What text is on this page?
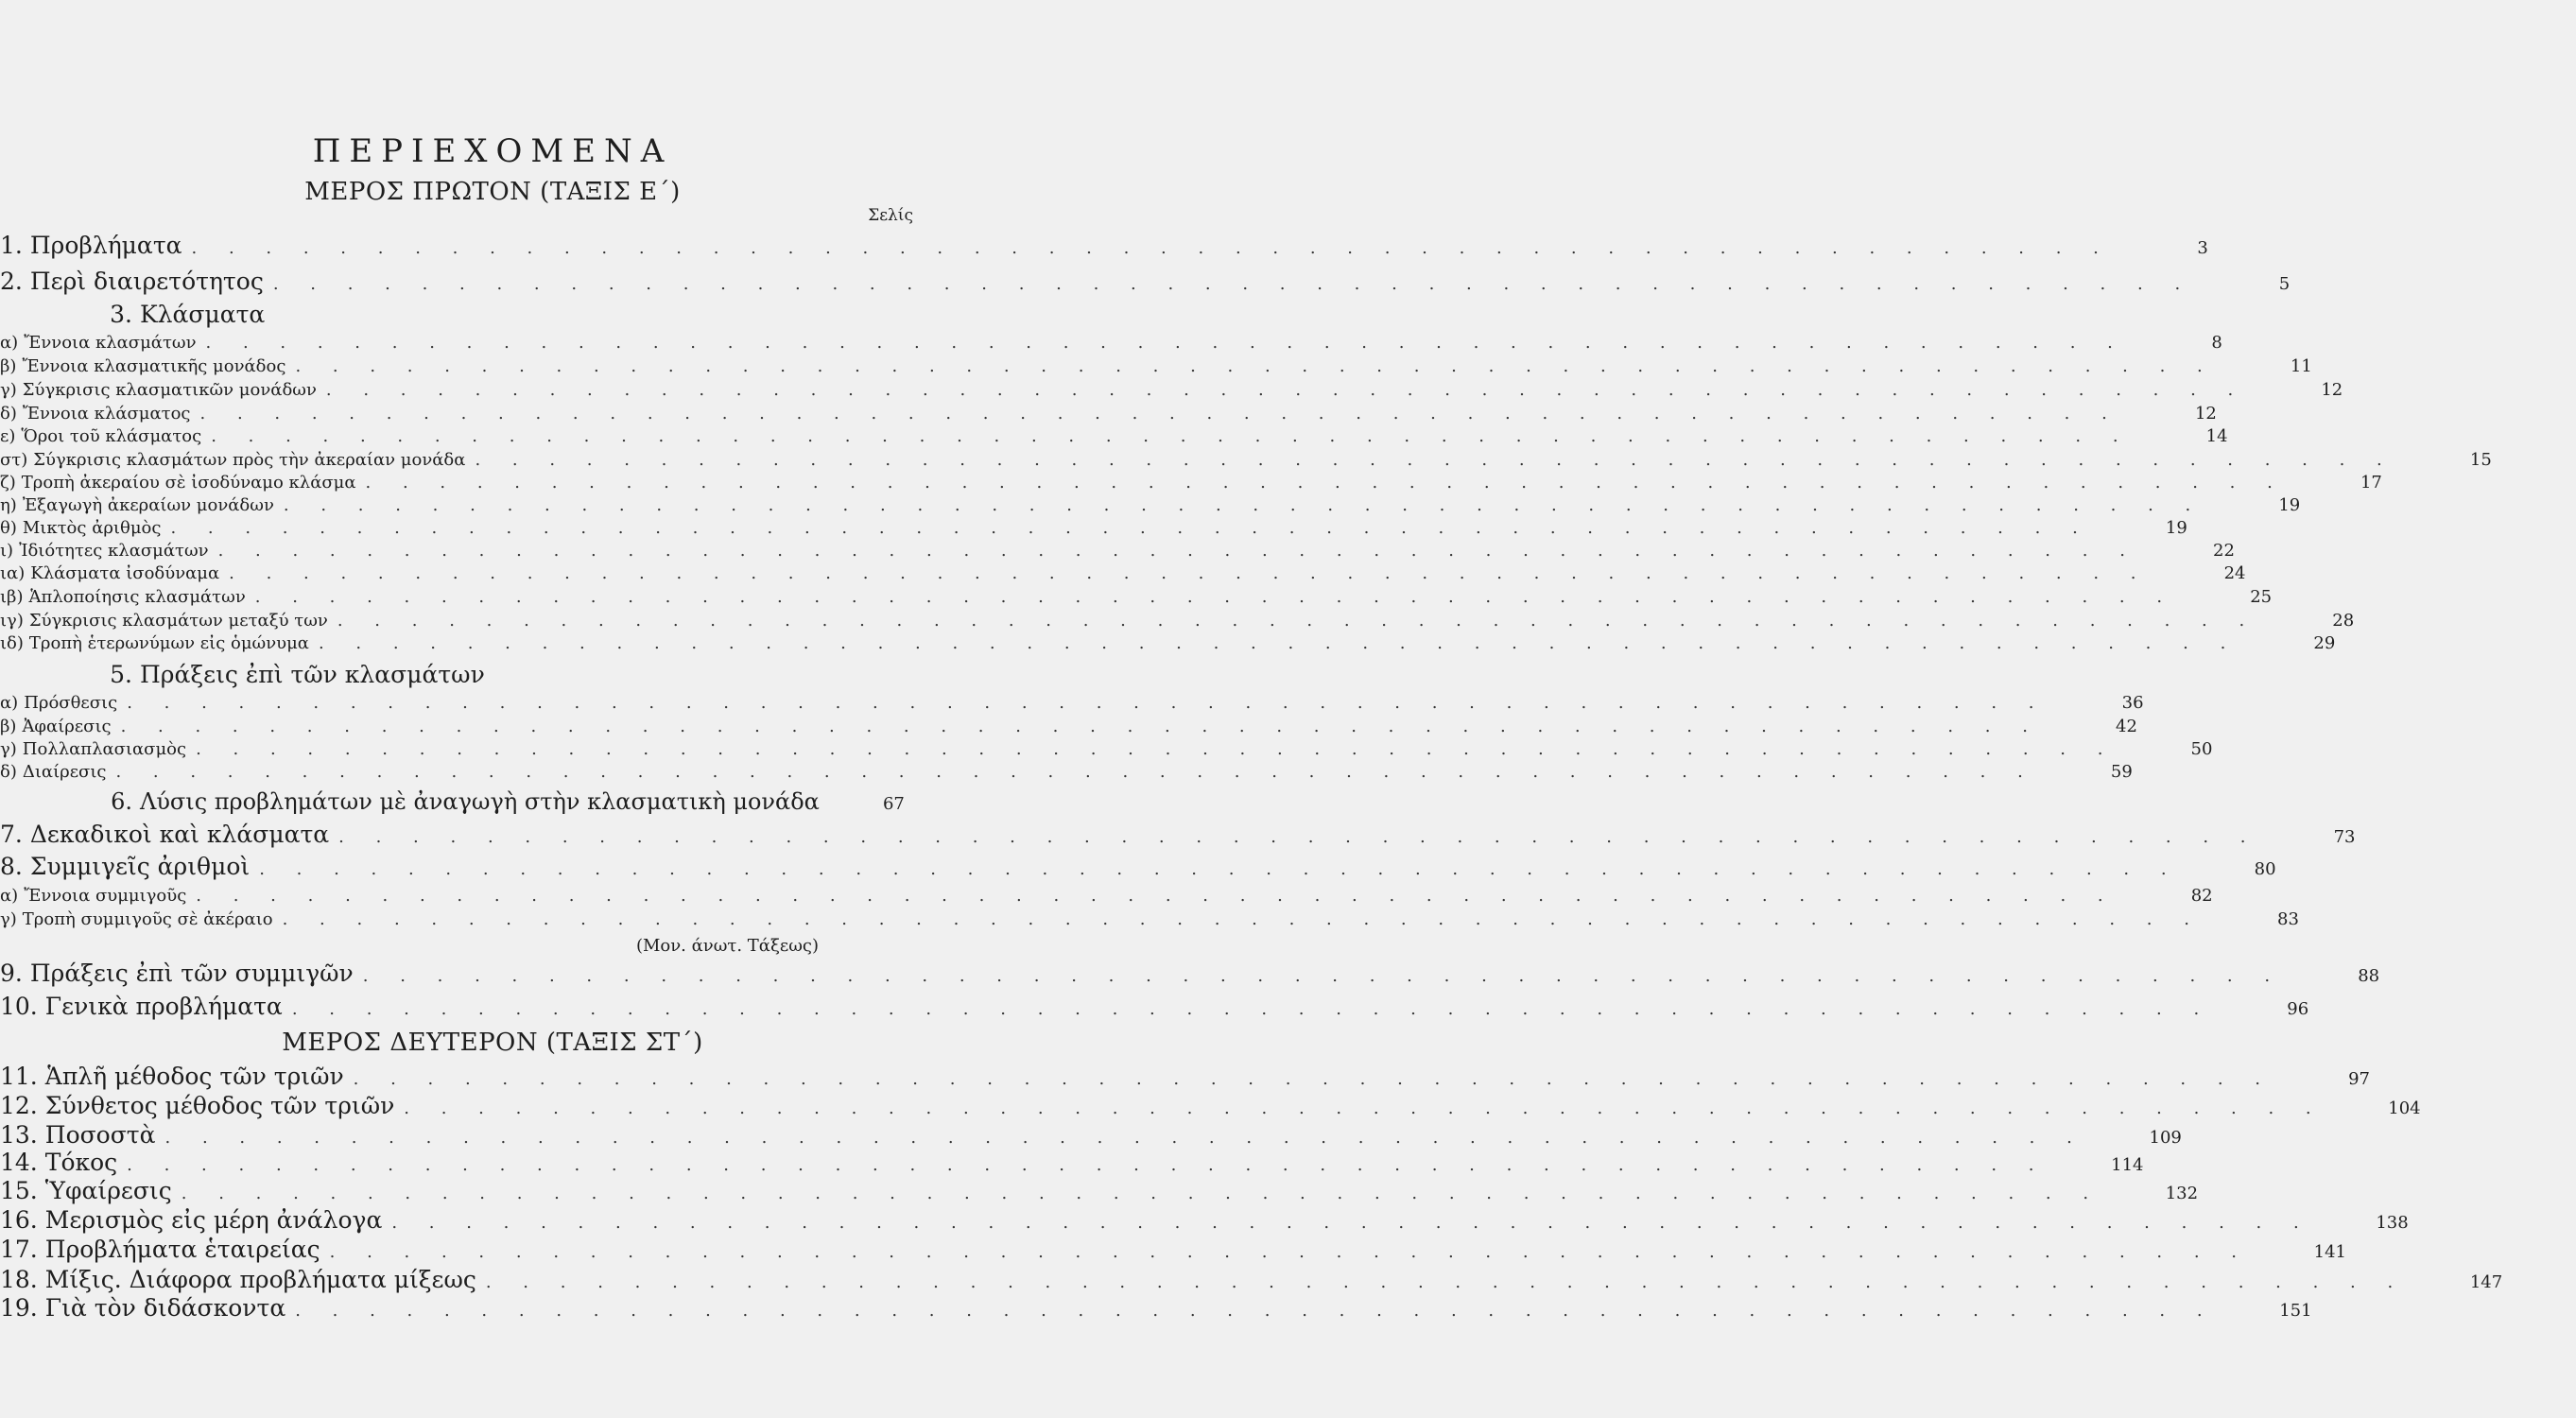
ΠΕΡΙΕΧΟΜΕΝΑ
ΜΕΡΟΣ ΠΡΩΤΟΝ (ΤΑΞΙΣ Ε΄)
Σελίς
1. Προβλήματα . . . . . . . . . . . . . . . . . . . . . . . . . . . . . . . . . . . . . . . . . . . . . . . . . . . .	3
2. Περὶ διαιρετότητος . . . . . . . . . . . . . . . . . . . . . . . . . . . . . . . . . . . . . . . . . . . . . . . . . . . .	5
3. Κλάσματα
α) Ἔννοια κλασμάτων . . . . . . . . . . . . . . . . . . . . . . . . . . . . . . . . . . . . . . . . . . . . . . . . . . . .	8
β) Ἔννοια κλασματικῆς μονάδος . . . . . . . . . . . . . . . . . . . . . . . . . . . . . . . . . . . . . . . . . . . . . . . . . . . .	11
γ) Σύγκρισις κλασματικῶν μονάδων . . . . . . . . . . . . . . . . . . . . . . . . . . . . . . . . . . . . . . . . . . . . . . . . . . . .	12
δ) Ἔννοια κλάσματος . . . . . . . . . . . . . . . . . . . . . . . . . . . . . . . . . . . . . . . . . . . . . . . . . . . .	12
ε) Ὅροι τοῦ κλάσματος . . . . . . . . . . . . . . . . . . . . . . . . . . . . . . . . . . . . . . . . . . . . . . . . . . . .	14
στ) Σύγκρισις κλασμάτων πρὸς τὴν ἀκεραίαν μονάδα . . . . . . . . . . . . . . . . . . . . . . . . . . . . . . . . . . . . . . . . . . . . . . . . . . . .	15
ζ) Τροπὴ ἀκεραίου σὲ ἰσοδύναμο κλάσμα . . . . . . . . . . . . . . . . . . . . . . . . . . . . . . . . . . . . . . . . . . . . . . . . . . . .	17
η) Ἐξαγωγὴ ἀκεραίων μονάδων . . . . . . . . . . . . . . . . . . . . . . . . . . . . . . . . . . . . . . . . . . . . . . . . . . . .	19
θ) Μικτὸς ἀριθμὸς . . . . . . . . . . . . . . . . . . . . . . . . . . . . . . . . . . . . . . . . . . . . . . . . . . . .	19
ι) Ἰδιότητες κλασμάτων . . . . . . . . . . . . . . . . . . . . . . . . . . . . . . . . . . . . . . . . . . . . . . . . . . . .	22
ια) Κλάσματα ἰσοδύναμα . . . . . . . . . . . . . . . . . . . . . . . . . . . . . . . . . . . . . . . . . . . . . . . . . . . .	24
ιβ) Ἁπλοποίησις κλασμάτων . . . . . . . . . . . . . . . . . . . . . . . . . . . . . . . . . . . . . . . . . . . . . . . . . . . .	25
ιγ) Σύγκρισις κλασμάτων μεταξύ των . . . . . . . . . . . . . . . . . . . . . . . . . . . . . . . . . . . . . . . . . . . . . . . . . . . .	28
ιδ) Τροπὴ ἑτερωνύμων εἰς ὁμώνυμα . . . . . . . . . . . . . . . . . . . . . . . . . . . . . . . . . . . . . . . . . . . . . . . . . . . .	29
5. Πράξεις ἐπὶ τῶν κλασμάτων
α) Πρόσθεσις . . . . . . . . . . . . . . . . . . . . . . . . . . . . . . . . . . . . . . . . . . . . . . . . . . . .	36
β) Ἀφαίρεσις . . . . . . . . . . . . . . . . . . . . . . . . . . . . . . . . . . . . . . . . . . . . . . . . . . . .	42
γ) Πολλαπλασιασμὸς . . . . . . . . . . . . . . . . . . . . . . . . . . . . . . . . . . . . . . . . . . . . . . . . . . . .	50
δ) Διαίρεσις . . . . . . . . . . . . . . . . . . . . . . . . . . . . . . . . . . . . . . . . . . . . . . . . . . . .	59
6. Λύσις προβλημάτων μὲ ἀναγωγὴ στὴν κλασματικὴ μονάδα	67
7. Δεκαδικοὶ καὶ κλάσματα . . . . . . . . . . . . . . . . . . . . . . . . . . . . . . . . . . . . . . . . . . . . . . . . . . . .	73
8. Συμμιγεῖς ἀριθμοὶ . . . . . . . . . . . . . . . . . . . . . . . . . . . . . . . . . . . . . . . . . . . . . . . . . . . .	80
α) Ἔννοια συμμιγοῦς . . . . . . . . . . . . . . . . . . . . . . . . . . . . . . . . . . . . . . . . . . . . . . . . . . . .	82
γ) Τροπὴ συμμιγοῦς σὲ ἀκέραιο . . . . . . . . . . . . . . . . . . . . . . . . . . . . . . . . . . . . . . . . . . . . . . . . . . . .	83
9. Πράξεις ἐπὶ τῶν συμμιγῶν . . . . . . . . . . . . . . . . . . . . . . . . . . . . . . . . . . . . . . . . . . . . . . . . . . . .	88
10. Γενικὰ προβλήματα . . . . . . . . . . . . . . . . . . . . . . . . . . . . . . . . . . . . . . . . . . . . . . . . . . . .	96
11. Ἁπλῆ μέθοδος τῶν τριῶν . . . . . . . . . . . . . . . . . . . . . . . . . . . . . . . . . . . . . . . . . . . . . . . . . . . .	97
12. Σύνθετος μέθοδος τῶν τριῶν . . . . . . . . . . . . . . . . . . . . . . . . . . . . . . . . . . . . . . . . . . . . . . . . . . . .	104
13. Ποσοστὰ . . . . . . . . . . . . . . . . . . . . . . . . . . . . . . . . . . . . . . . . . . . . . . . . . . . .	109
14. Τόκος . . . . . . . . . . . . . . . . . . . . . . . . . . . . . . . . . . . . . . . . . . . . . . . . . . . .	114
15. Ὑφαίρεσις . . . . . . . . . . . . . . . . . . . . . . . . . . . . . . . . . . . . . . . . . . . . . . . . . . . .	132
16. Μερισμὸς εἰς μέρη ἀνάλογα . . . . . . . . . . . . . . . . . . . . . . . . . . . . . . . . . . . . . . . . . . . . . . . . . . . .	138
17. Προβλήματα ἑταιρείας . . . . . . . . . . . . . . . . . . . . . . . . . . . . . . . . . . . . . . . . . . . . . . . . . . . .	141
18. Μίξις. Διάφορα προβλήματα μίξεως . . . . . . . . . . . . . . . . . . . . . . . . . . . . . . . . . . . . . . . . . . . . . . . . . . . .	147
19. Γιὰ τὸν διδάσκοντα . . . . . . . . . . . . . . . . . . . . . . . . . . . . . . . . . . . . . . . . . . . . . . . . . . . .	151
(Μον. άνωτ. Τάξεως)
ΜΕΡΟΣ ΔΕΥΤΕΡΟΝ (ΤΑΞΙΣ ΣΤ΄)
